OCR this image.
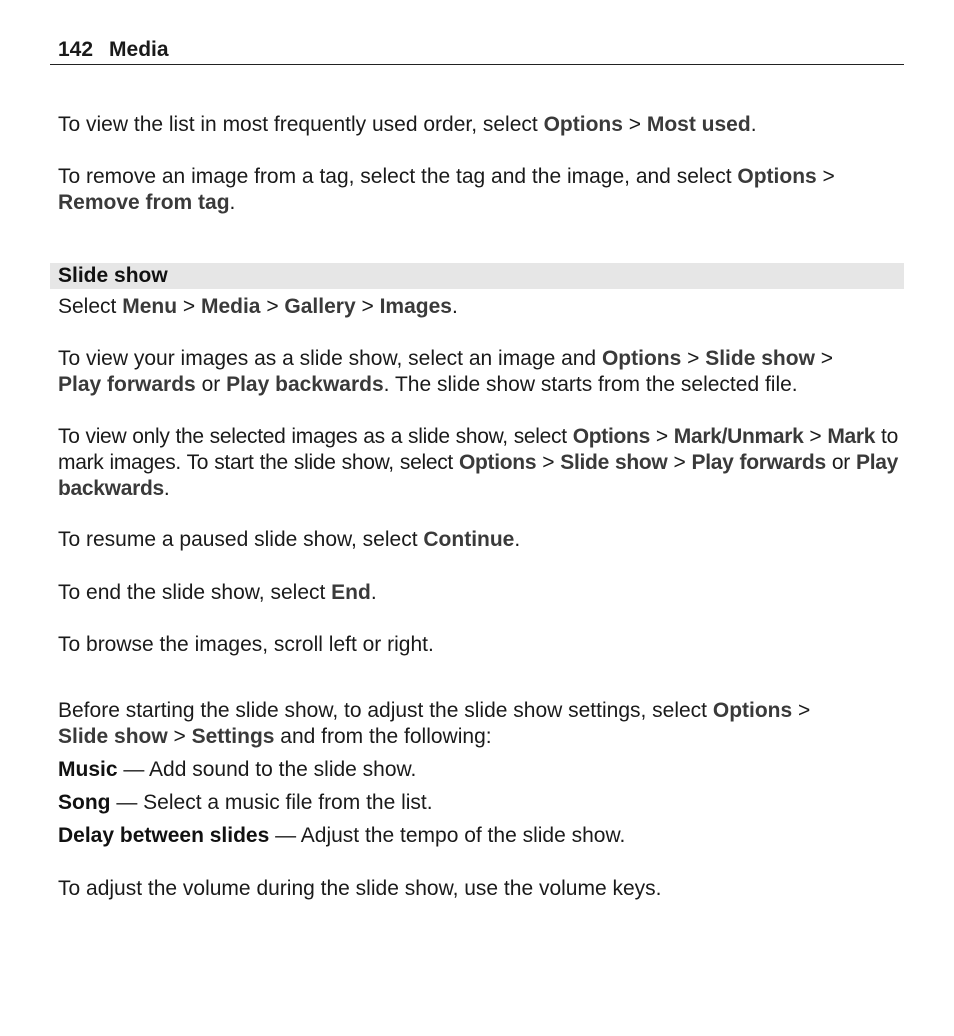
142 Media

To view the list in most frequently used order, select Options > Most used.

To remove an image from a tag, select the tag and the image, and select Options >
Remove from tag.

Slide show

Select Menu > Media > Gallery > Images.

To view your images as a slide show, select an image and Options > Slide show >
Play forwards or Play backwards. The slide show starts from the selected file.

To view only the selected images as a slide show, select Options > Mark/Unmark > Mark to mark images. To start the slide show, select Options > Slide show > Play forwards or Play backwards.

To resume a paused slide show, select Continue.

To end the slide show, select End.

To browse the images, scroll left or right.

Before starting the slide show, to adjust the slide show settings, select Options >
Slide show > Settings and from the following:

Music — Add sound to the slide show.

Song — Select a music file from the list.

Delay between slides — Adjust the tempo of the slide show.

To adjust the volume during the slide show, use the volume keys.
